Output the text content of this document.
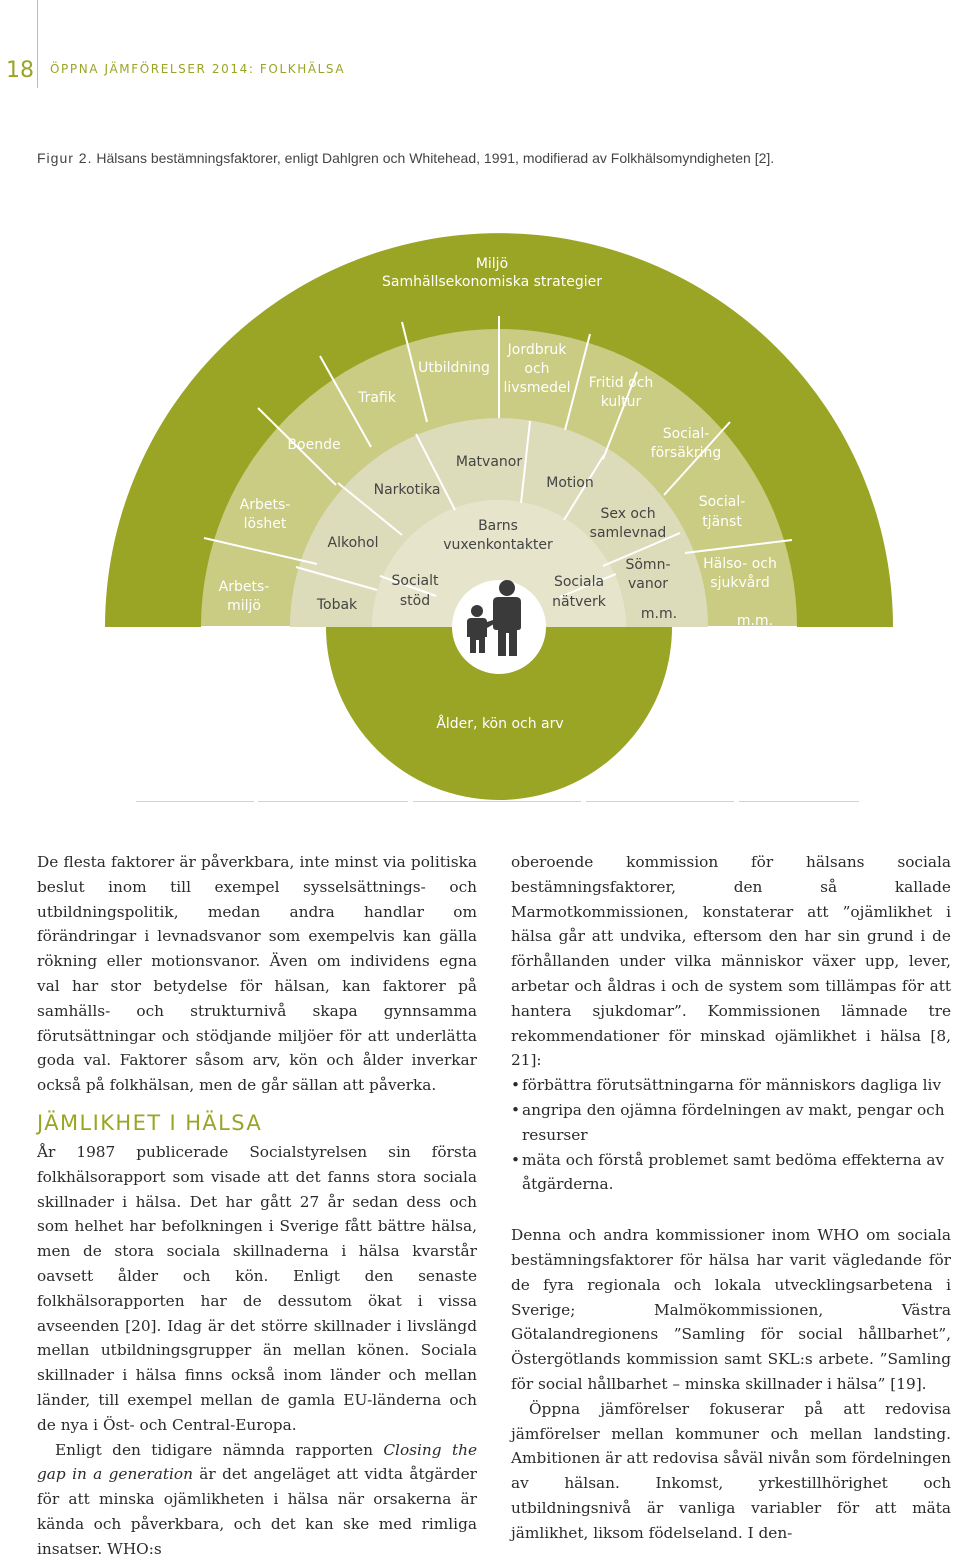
18 ÖPPNA JÄMFÖRELSER 2014: FOLKHÄLSA
Figur 2. Hälsans bestämningsfaktorer, enligt Dahlgren och Whitehead, 1991, modifierad av Folkhälsomyndigheten [2].
Miljö
Samhällsekonomiska strategier
Trafik
Utbildning
Jordbruk
och
livsmedel Fritid och
kultur
Boende
Social-
försäkring
Arbets-
löshet
Social-
tjänst
Arbets-
miljö
Hälso- och
sjukvård
m.m.
Narkotika
Alkohol
Tobak
Matvanor
Motion
Sex och
samlevnad
Sömn-
vanor
m.m.
Barns
vuxenkontakter
Socialt
stöd
Sociala
nätverk
Ålder, kön och arv

De flesta faktorer är påverkbara, inte minst via politiska beslut inom till exempel sysselsättnings- och utbildningspolitik, medan andra handlar om förändringar i levnadsvanor som exempelvis kan gälla rökning eller motionsvanor. Även om individens egna val har stor betydelse för hälsan, kan faktorer på samhälls- och strukturnivå skapa gynnsamma förutsättningar och stödjande miljöer för att underlätta goda val. Faktorer såsom arv, kön och ålder inverkar också på folkhälsan, men de går sällan att påverka.

JÄMLIKHET I HÄLSA

År 1987 publicerade Socialstyrelsen sin första folkhälsorapport som visade att det fanns stora sociala skillnader i hälsa. Det har gått 27 år sedan dess och som helhet har befolkningen i Sverige fått bättre hälsa, men de stora sociala skillnaderna i hälsa kvarstår oavsett ålder och kön. Enligt den senaste folkhälsorapporten har de dessutom ökat i vissa avseenden [20]. Idag är det större skillnader i livslängd mellan utbildningsgrupper än mellan könen. Sociala skillnader i hälsa finns också inom länder och mellan länder, till exempel mellan de gamla EU-länderna och de nya i Öst- och Central-Europa.

Enligt den tidigare nämnda rapporten Closing the gap in a generation är det angeläget att vidta åtgärder för att minska ojämlikheten i hälsa när orsakerna är kända och påverkbara, och det kan ske med rimliga insatser. WHO:s

oberoende kommission för hälsans sociala bestämningsfaktorer, den så kallade Marmotkommissionen, konstaterar att ”ojämlikhet i hälsa går att undvika, eftersom den har sin grund i de förhållanden under vilka människor växer upp, lever, arbetar och åldras i och de system som tillämpas för att hantera sjukdomar”. Kommissionen lämnade tre rekommendationer för minskad ojämlikhet i hälsa [8, 21]:

• förbättra förutsättningarna för människors dagliga liv
• angripa den ojämna fördelningen av makt, pengar och resurser
• mäta och förstå problemet samt bedöma effekterna av åtgärderna.

Denna och andra kommissioner inom WHO om sociala bestämningsfaktorer för hälsa har varit vägledande för de fyra regionala och lokala utvecklingsarbetena i Sverige; Malmökommissionen, Västra Götalandregionens ”Samling för social hållbarhet”, Östergötlands kommission samt SKL:s arbete. ”Samling för social hållbarhet – minska skillnader i hälsa” [19].

Öppna jämförelser fokuserar på att redovisa jämförelser mellan kommuner och mellan landsting. Ambitionen är att redovisa såväl nivån som fördelningen av hälsan. Inkomst, yrkestillhörighet och utbildningsnivå är vanliga variabler för att mäta jämlikhet, liksom födelseland. I den-
